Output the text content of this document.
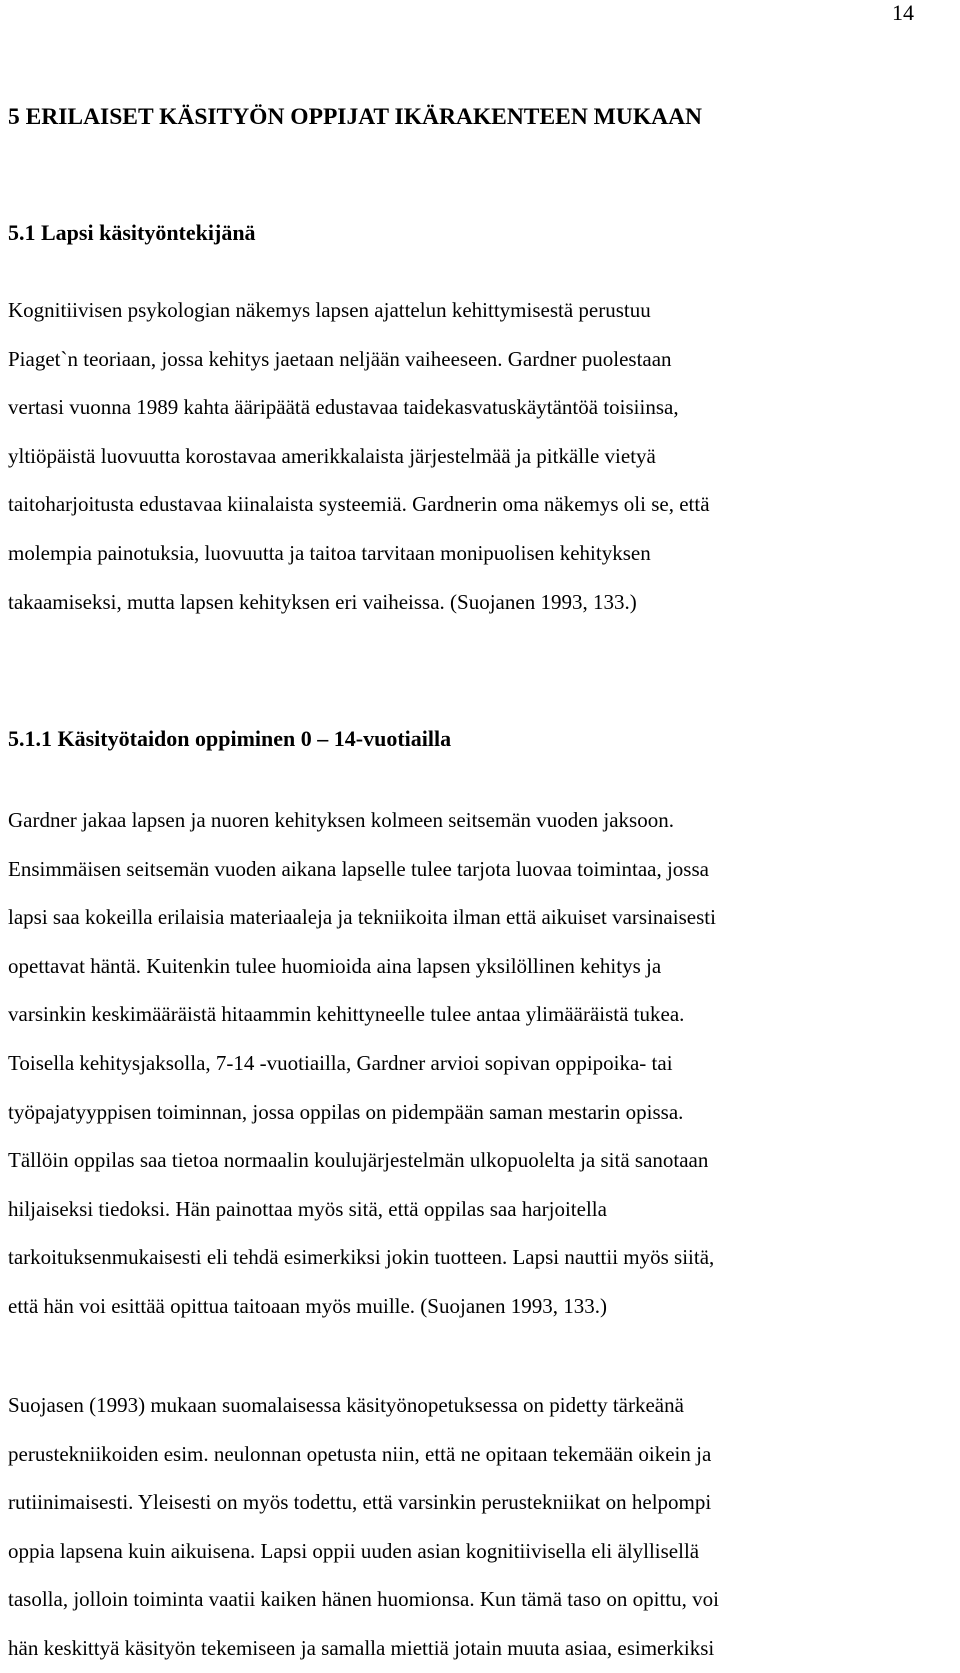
14
5 ERILAISET KÄSITYÖN OPPIJAT IKÄRAKENTEEN MUKAAN
5.1 Lapsi käsityöntekijänä
Kognitiivisen psykologian näkemys lapsen ajattelun kehittymisestä perustuu
Piaget`n teoriaan, jossa kehitys jaetaan neljään vaiheeseen. Gardner puolestaan
vertasi vuonna 1989 kahta ääripäätä edustavaa taidekasvatuskäytäntöä toisiinsa,
yltiöpäistä luovuutta korostavaa amerikkalaista järjestelmää ja pitkälle vietyä
taitoharjoitusta edustavaa kiinalaista systeemiä. Gardnerin oma näkemys oli se, että
molempia painotuksia, luovuutta ja taitoa tarvitaan monipuolisen kehityksen
takaamiseksi, mutta lapsen kehityksen eri vaiheissa. (Suojanen 1993, 133.)
5.1.1 Käsityötaidon oppiminen 0 – 14-vuotiailla
Gardner jakaa lapsen ja nuoren kehityksen kolmeen seitsemän vuoden jaksoon.
Ensimmäisen seitsemän vuoden aikana lapselle tulee tarjota luovaa toimintaa, jossa
lapsi saa kokeilla erilaisia materiaaleja ja tekniikoita ilman että aikuiset varsinaisesti
opettavat häntä. Kuitenkin tulee huomioida aina lapsen yksilöllinen kehitys ja
varsinkin keskimääräistä hitaammin kehittyneelle tulee antaa ylimääräistä tukea.
Toisella kehitysjaksolla, 7-14 -vuotiailla, Gardner arvioi sopivan oppipoika- tai
työpajatyyppisen toiminnan, jossa oppilas on pidempään saman mestarin opissa.
Tällöin oppilas saa tietoa normaalin koulujärjestelmän ulkopuolelta ja sitä sanotaan
hiljaiseksi tiedoksi. Hän painottaa myös sitä, että oppilas saa harjoitella
tarkoituksenmukaisesti eli tehdä esimerkiksi jokin tuotteen. Lapsi nauttii myös siitä,
että hän voi esittää opittua taitoaan myös muille. (Suojanen 1993, 133.)
Suojasen (1993) mukaan suomalaisessa käsityönopetuksessa on pidetty tärkeänä
perustekniikoiden esim. neulonnan opetusta niin, että ne opitaan tekemään oikein ja
rutiinimaisesti. Yleisesti on myös todettu, että varsinkin perustekniikat on helpompi
oppia lapsena kuin aikuisena. Lapsi oppii uuden asian kognitiivisella eli älyllisellä
tasolla, jolloin toiminta vaatii kaiken hänen huomionsa. Kun tämä taso on opittu, voi
hän keskittyä käsityön tekemiseen ja samalla miettiä jotain muuta asiaa, esimerkiksi
